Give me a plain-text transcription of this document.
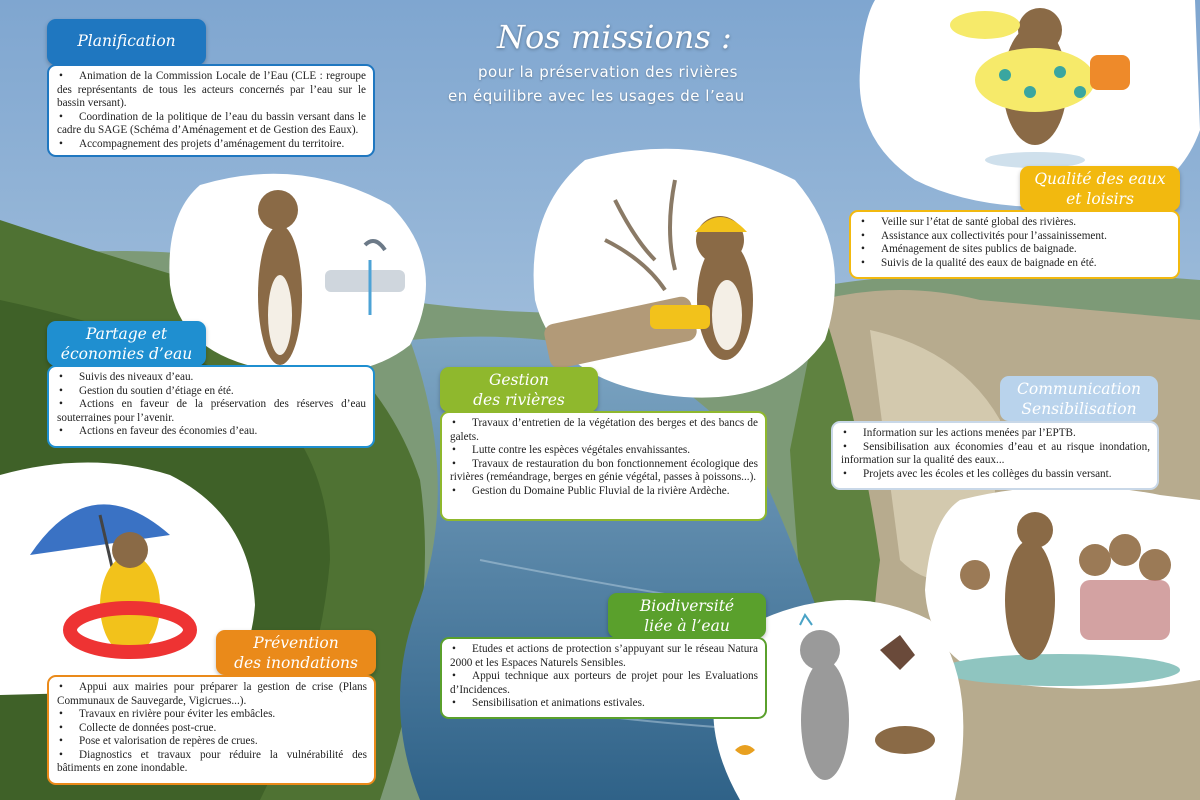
Nos missions :
pour la préservation des rivières
en équilibre avec les usages de l’eau
Planification
• Animation de la Commission Locale de l’Eau (CLE : regroupe des représentants de tous les acteurs concernés par l’eau sur le bassin versant).
• Coordination de la politique de l’eau du bassin versant dans le cadre du SAGE (Schéma d’Aménagement et de Gestion des Eaux).
• Accompagnement des projets d’aménagement du territoire.
Partage et
économies d’eau
• Suivis des niveaux d’eau.
• Gestion du soutien d’étiage en été.
• Actions en faveur de la préservation des réserves d’eau souterraines pour l’avenir.
• Actions en faveur des économies d’eau.
Gestion
des rivières
• Travaux d’entretien de la végétation des berges et des bancs de galets.
• Lutte contre les espèces végétales envahissantes.
• Travaux de restauration du bon fonctionnement écologique des rivières (reméandrage, berges en génie végétal, passes à poissons...).
• Gestion du Domaine Public Fluvial de la rivière Ardèche.
Qualité des eaux
et loisirs
• Veille sur l’état de santé global des rivières.
• Assistance aux collectivités pour l’assainissement.
• Aménagement de sites publics de baignade.
• Suivis de la qualité des eaux de baignade en été.
Communication
Sensibilisation
• Information sur les actions menées par l’EPTB.
• Sensibilisation aux économies d’eau et au risque inondation, information sur la qualité des eaux...
• Projets avec les écoles et les collèges du bassin versant.
Prévention
des inondations
• Appui aux mairies pour préparer la gestion de crise (Plans Communaux de Sauvegarde, Vigicrues...).
• Travaux en rivière pour éviter les embâcles.
• Collecte de données post-crue.
• Pose et valorisation de repères de crues.
• Diagnostics et travaux pour réduire la vulnérabilité des bâtiments en zone inondable.
Biodiversité
liée à l’eau
• Etudes et actions de protection s’appuyant sur le réseau Natura 2000 et les Espaces Naturels Sensibles.
• Appui technique aux porteurs de projet pour les Evaluations d’Incidences.
• Sensibilisation et animations estivales.
